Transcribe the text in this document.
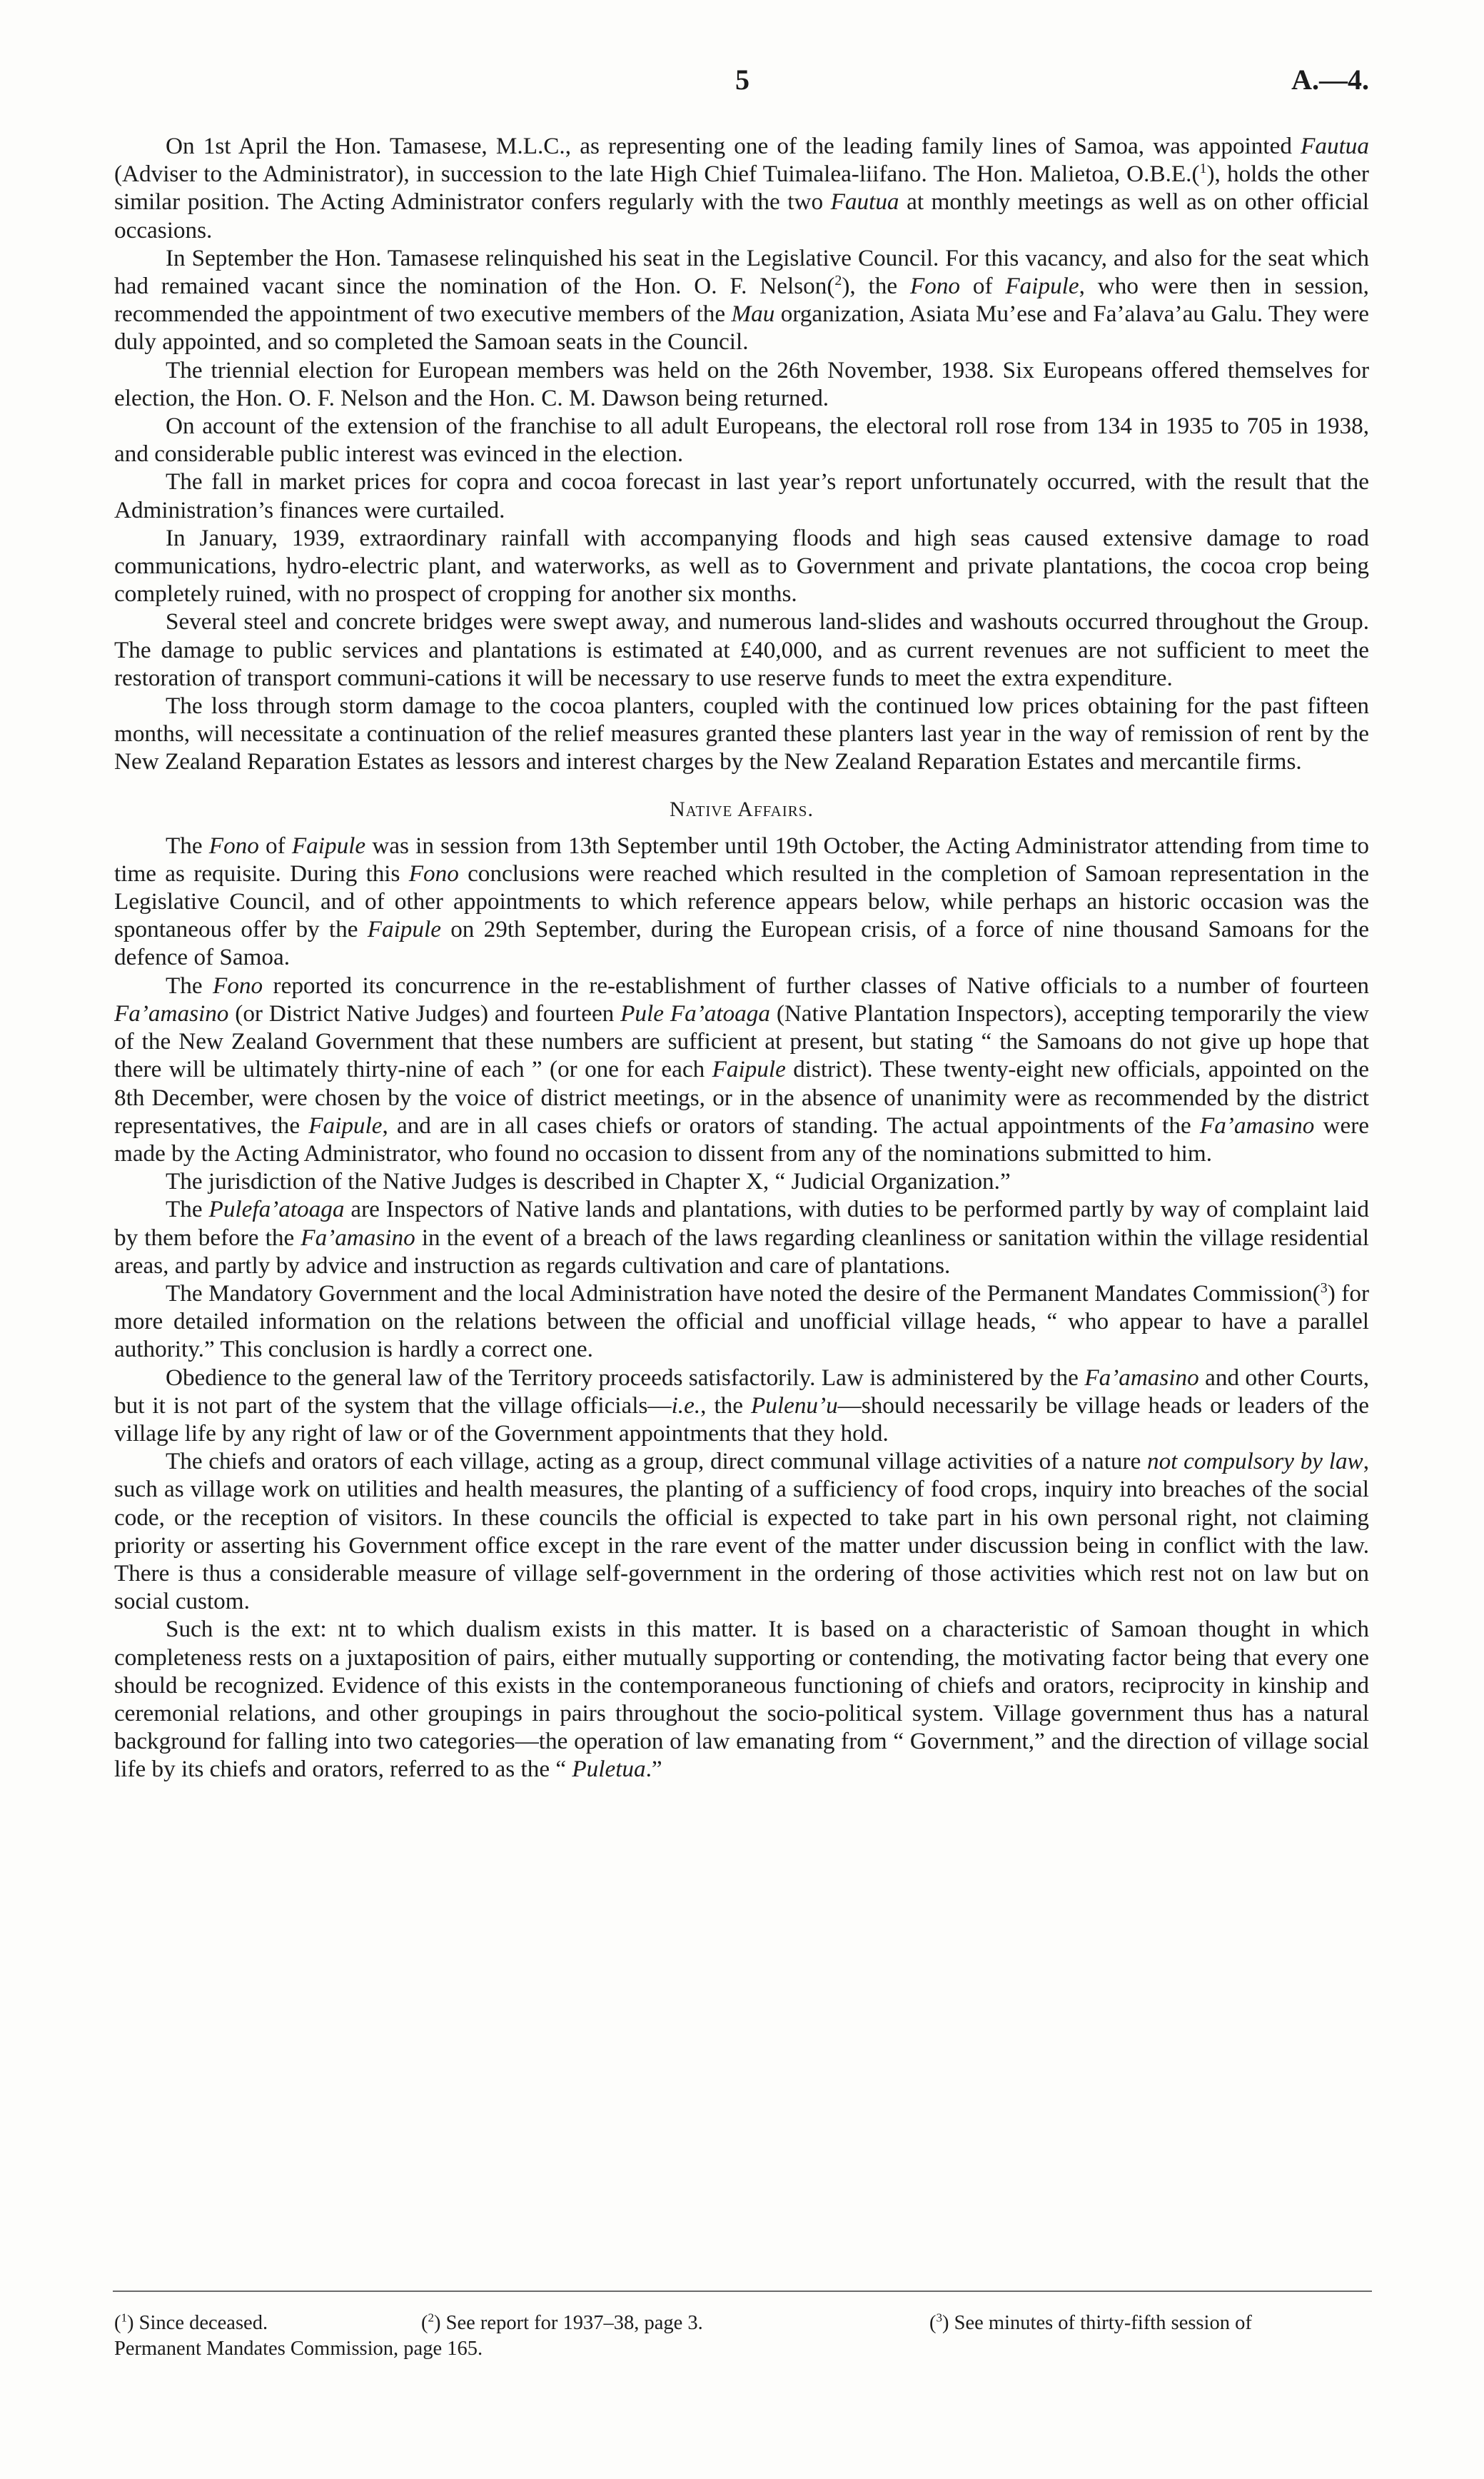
5	A.—4.

On 1st April the Hon. Tamasese, M.L.C., as representing one of the leading family lines of Samoa, was appointed Fautua (Adviser to the Administrator), in succession to the late High Chief Tuimalea-liifano. The Hon. Malietoa, O.B.E.($^1$), holds the other similar position. The Acting Administrator confers regularly with the two Fautua at monthly meetings as well as on other official occasions.

In September the Hon. Tamasese relinquished his seat in the Legislative Council. For this vacancy, and also for the seat which had remained vacant since the nomination of the Hon. O. F. Nelson($^2$), the Fono of Faipule, who were then in session, recommended the appointment of two executive members of the Mau organization, Asiata Mu’ese and Fa’alava’au Galu. They were duly appointed, and so completed the Samoan seats in the Council.

The triennial election for European members was held on the 26th November, 1938. Six Europeans offered themselves for election, the Hon. O. F. Nelson and the Hon. C. M. Dawson being returned.

On account of the extension of the franchise to all adult Europeans, the electoral roll rose from 134 in 1935 to 705 in 1938, and considerable public interest was evinced in the election.

The fall in market prices for copra and cocoa forecast in last year’s report unfortunately occurred, with the result that the Administration’s finances were curtailed.

In January, 1939, extraordinary rainfall with accompanying floods and high seas caused extensive damage to road communications, hydro-electric plant, and waterworks, as well as to Government and private plantations, the cocoa crop being completely ruined, with no prospect of cropping for another six months.

Several steel and concrete bridges were swept away, and numerous land-slides and washouts occurred throughout the Group. The damage to public services and plantations is estimated at £40,000, and as current revenues are not sufficient to meet the restoration of transport communi-cations it will be necessary to use reserve funds to meet the extra expenditure.

The loss through storm damage to the cocoa planters, coupled with the continued low prices obtaining for the past fifteen months, will necessitate a continuation of the relief measures granted these planters last year in the way of remission of rent by the New Zealand Reparation Estates as lessors and interest charges by the New Zealand Reparation Estates and mercantile firms.

Native Affairs.

The Fono of Faipule was in session from 13th September until 19th October, the Acting Administrator attending from time to time as requisite. During this Fono conclusions were reached which resulted in the completion of Samoan representation in the Legislative Council, and of other appointments to which reference appears below, while perhaps an historic occasion was the spontaneous offer by the Faipule on 29th September, during the European crisis, of a force of nine thousand Samoans for the defence of Samoa.

The Fono reported its concurrence in the re-establishment of further classes of Native officials to a number of fourteen Fa’amasino (or District Native Judges) and fourteen Pule Fa’atoaga (Native Plantation Inspectors), accepting temporarily the view of the New Zealand Government that these numbers are sufficient at present, but stating “ the Samoans do not give up hope that there will be ultimately thirty-nine of each ” (or one for each Faipule district). These twenty-eight new officials, appointed on the 8th December, were chosen by the voice of district meetings, or in the absence of unanimity were as recommended by the district representatives, the Faipule, and are in all cases chiefs or orators of standing. The actual appointments of the Fa’amasino were made by the Acting Administrator, who found no occasion to dissent from any of the nominations submitted to him.

The jurisdiction of the Native Judges is described in Chapter X, “ Judicial Organization.”

The Pulefa’atoaga are Inspectors of Native lands and plantations, with duties to be performed partly by way of complaint laid by them before the Fa’amasino in the event of a breach of the laws regarding cleanliness or sanitation within the village residential areas, and partly by advice and instruction as regards cultivation and care of plantations.

The Mandatory Government and the local Administration have noted the desire of the Permanent Mandates Commission($^3$) for more detailed information on the relations between the official and unofficial village heads, “ who appear to have a parallel authority.” This conclusion is hardly a correct one.

Obedience to the general law of the Territory proceeds satisfactorily. Law is administered by the Fa’amasino and other Courts, but it is not part of the system that the village officials—i.e., the Pulenu’u—should necessarily be village heads or leaders of the village life by any right of law or of the Government appointments that they hold.

The chiefs and orators of each village, acting as a group, direct communal village activities of a nature not compulsory by law, such as village work on utilities and health measures, the planting of a sufficiency of food crops, inquiry into breaches of the social code, or the reception of visitors. In these councils the official is expected to take part in his own personal right, not claiming priority or asserting his Government office except in the rare event of the matter under discussion being in conflict with the law. There is thus a considerable measure of village self-government in the ordering of those activities which rest not on law but on social custom.

Such is the ext: nt to which dualism exists in this matter. It is based on a characteristic of Samoan thought in which completeness rests on a juxtaposition of pairs, either mutually supporting or contending, the motivating factor being that every one should be recognized. Evidence of this exists in the contemporaneous functioning of chiefs and orators, reciprocity in kinship and ceremonial relations, and other groupings in pairs throughout the socio-political system. Village government thus has a natural background for falling into two categories—the operation of law emanating from “ Government,” and the direction of village social life by its chiefs and orators, referred to as the “ Puletua.”

($^1$) Since deceased.	($^2$) See report for 1937–38, page 3.	($^3$) See minutes of thirty-fifth session of
Permanent Mandates Commission, page 165.
